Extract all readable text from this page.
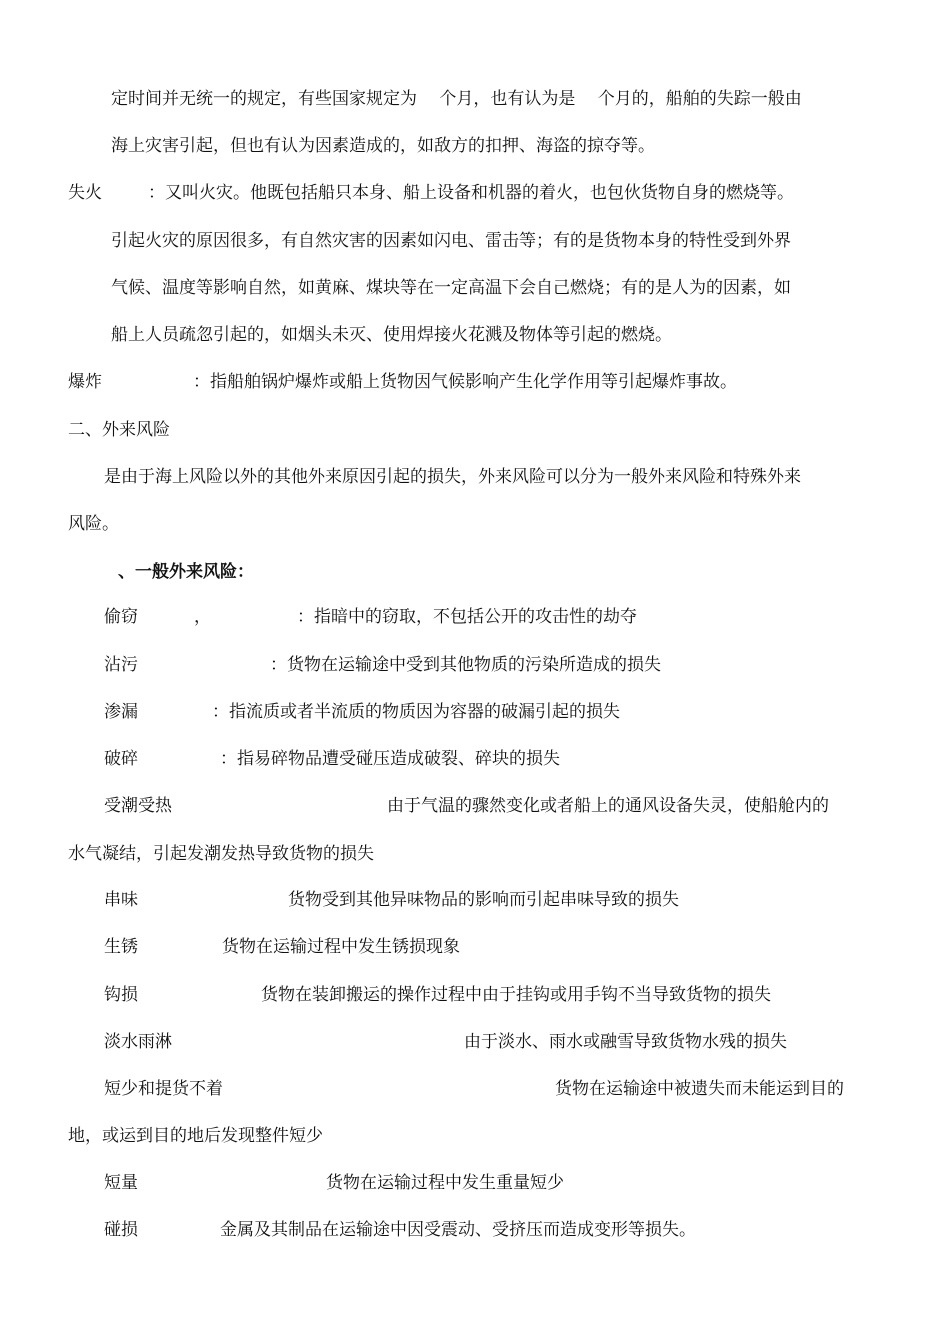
定时间并无统一的规定，有些国家规定为　 个月，也有认为是　 个月的，船舶的失踪一般由
海上灾害引起，但也有认为因素造成的，如敌方的扣押、海盗的掠夺等。
失火	：又叫火灾。他既包括船只本身、船上设备和机器的着火，也包伙货物自身的燃烧等。
引起火灾的原因很多，有自然灾害的因素如闪电、雷击等；有的是货物本身的特性受到外界
气候、温度等影响自然，如黄麻、煤块等在一定高温下会自己燃烧；有的是人为的因素，如
船上人员疏忽引起的，如烟头未灭、使用焊接火花溅及物体等引起的燃烧。
爆炸	：指船舶锅炉爆炸或船上货物因气候影响产生化学作用等引起爆炸事故。
二、外来风险
是由于海上风险以外的其他外来原因引起的损失，外来风险可以分为一般外来风险和特殊外来
风险。
、一般外来风险：
偷窃	，	：指暗中的窃取，不包括公开的攻击性的劫夺
沾污	：货物在运输途中受到其他物质的污染所造成的损失
渗漏	：指流质或者半流质的物质因为容器的破漏引起的损失
破碎	：指易碎物品遭受碰压造成破裂、碎块的损失
受潮受热	由于气温的骤然变化或者船上的通风设备失灵，使船舱内的
水气凝结，引起发潮发热导致货物的损失
串味	货物受到其他异味物品的影响而引起串味导致的损失
生锈	货物在运输过程中发生锈损现象
钩损	货物在装卸搬运的操作过程中由于挂钩或用手钩不当导致货物的损失
淡水雨淋	由于淡水、雨水或融雪导致货物水残的损失
短少和提货不着	货物在运输途中被遗失而未能运到目的
地，或运到目的地后发现整件短少
短量	货物在运输过程中发生重量短少
碰损	金属及其制品在运输途中因受震动、受挤压而造成变形等损失。
